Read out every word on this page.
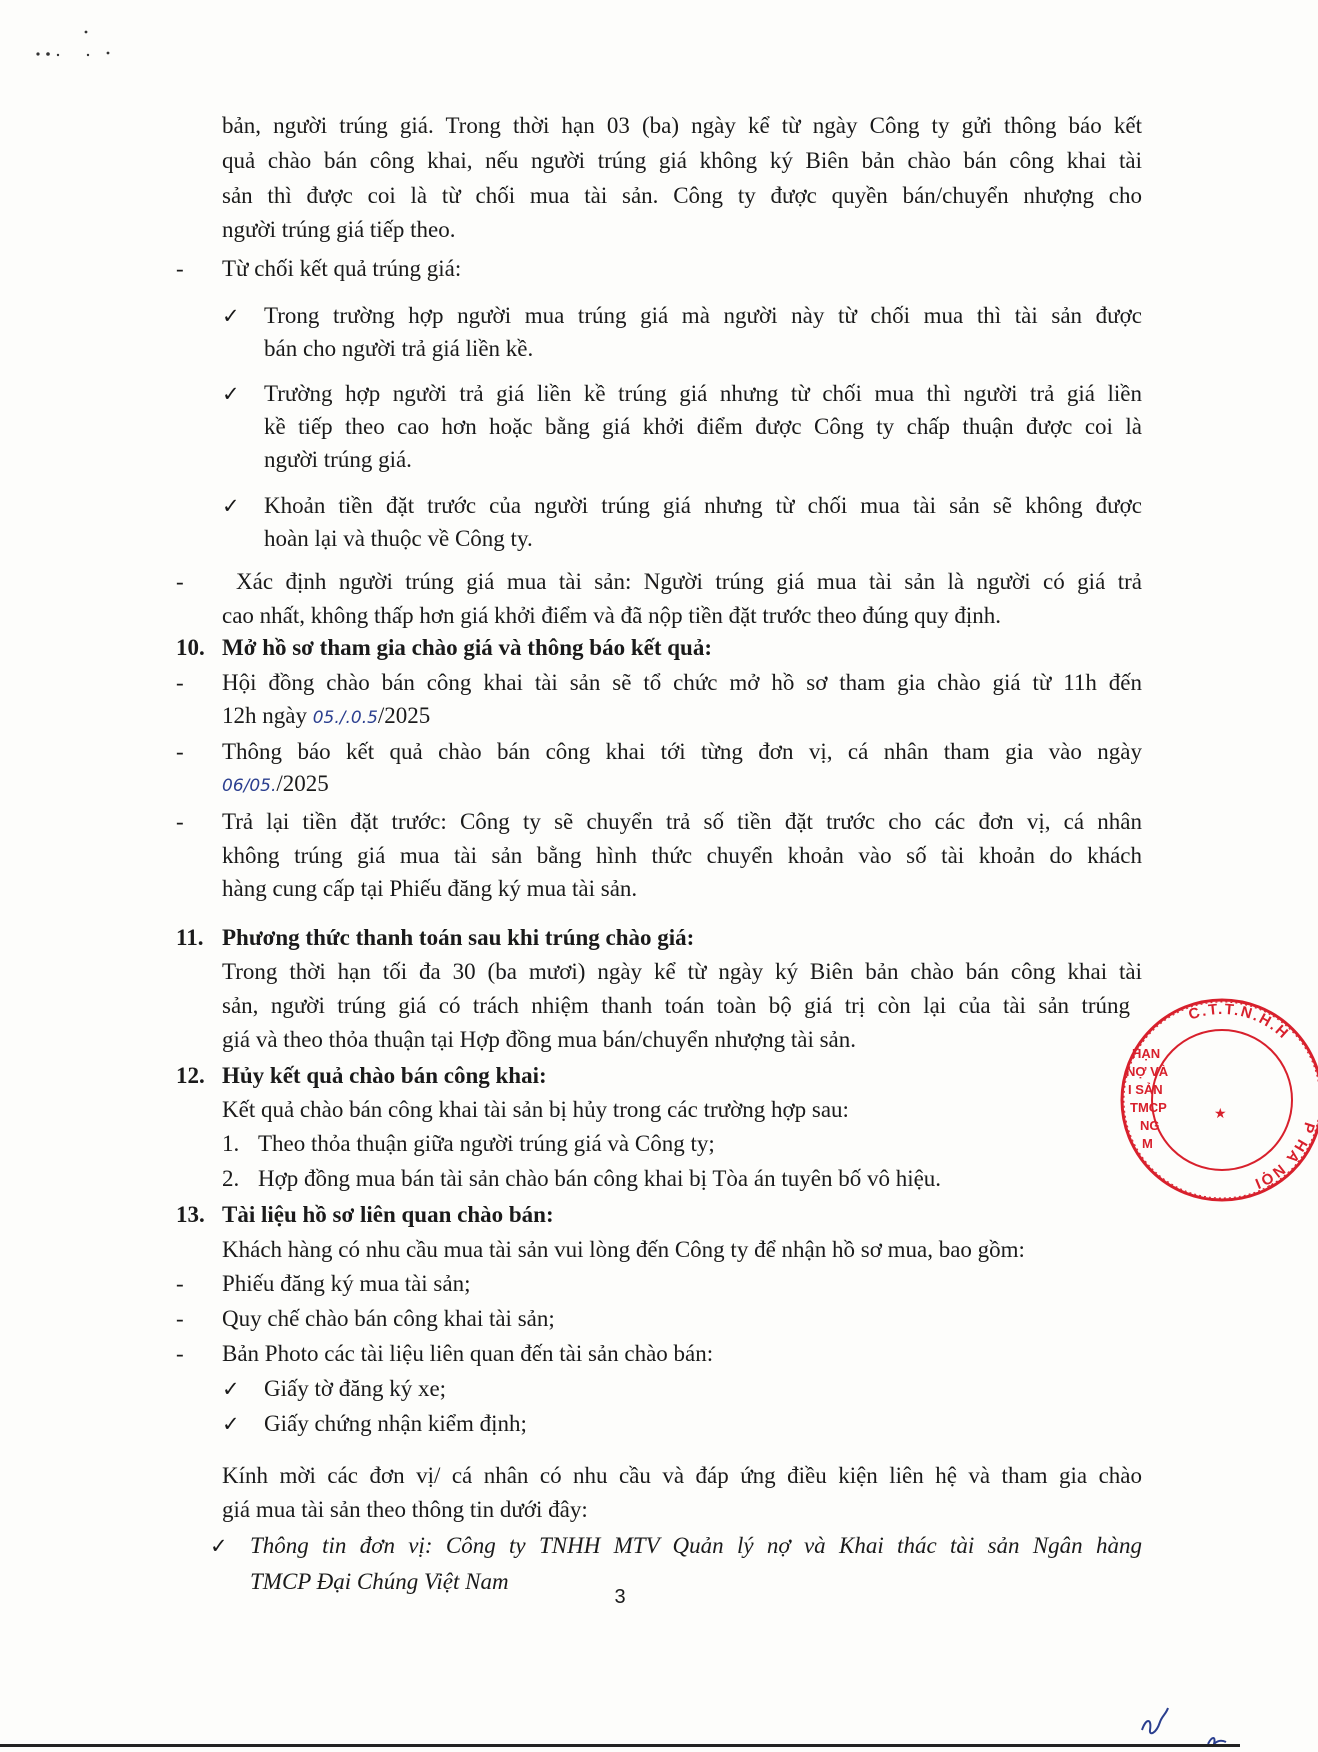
bản, người trúng giá. Trong thời hạn 03 (ba) ngày kể từ ngày Công ty gửi thông báo kết
quả chào bán công khai, nếu người trúng giá không ký Biên bản chào bán công khai tài
sản thì được coi là từ chối mua tài sản. Công ty được quyền bán/chuyển nhượng cho
người trúng giá tiếp theo.
- Từ chối kết quả trúng giá:
✓ Trong trường hợp người mua trúng giá mà người này từ chối mua thì tài sản được
bán cho người trả giá liền kề.
✓ Trường hợp người trả giá liền kề trúng giá nhưng từ chối mua thì người trả giá liền
kề tiếp theo cao hơn hoặc bằng giá khởi điểm được Công ty chấp thuận được coi là
người trúng giá.
✓ Khoản tiền đặt trước của người trúng giá nhưng từ chối mua tài sản sẽ không được
hoàn lại và thuộc về Công ty.
- Xác định người trúng giá mua tài sản: Người trúng giá mua tài sản là người có giá trả
cao nhất, không thấp hơn giá khởi điểm và đã nộp tiền đặt trước theo đúng quy định.
10. Mở hồ sơ tham gia chào giá và thông báo kết quả:
- Hội đồng chào bán công khai tài sản sẽ tổ chức mở hồ sơ tham gia chào giá từ 11h đến
12h ngày 05./.0.5/2025
- Thông báo kết quả chào bán công khai tới từng đơn vị, cá nhân tham gia vào ngày
06/05./2025
- Trả lại tiền đặt trước: Công ty sẽ chuyển trả số tiền đặt trước cho các đơn vị, cá nhân
không trúng giá mua tài sản bằng hình thức chuyển khoản vào số tài khoản do khách
hàng cung cấp tại Phiếu đăng ký mua tài sản.
11. Phương thức thanh toán sau khi trúng chào giá:
Trong thời hạn tối đa 30 (ba mươi) ngày kể từ ngày ký Biên bản chào bán công khai tài
sản, người trúng giá có trách nhiệm thanh toán toàn bộ giá trị còn lại của tài sản trúng
giá và theo thỏa thuận tại Hợp đồng mua bán/chuyển nhượng tài sản.
12. Hủy kết quả chào bán công khai:
Kết quả chào bán công khai tài sản bị hủy trong các trường hợp sau:
1. Theo thỏa thuận giữa người trúng giá và Công ty;
2. Hợp đồng mua bán tài sản chào bán công khai bị Tòa án tuyên bố vô hiệu.
13. Tài liệu hồ sơ liên quan chào bán:
Khách hàng có nhu cầu mua tài sản vui lòng đến Công ty để nhận hồ sơ mua, bao gồm:
- Phiếu đăng ký mua tài sản;
- Quy chế chào bán công khai tài sản;
- Bản Photo các tài liệu liên quan đến tài sản chào bán:
✓ Giấy tờ đăng ký xe;
✓ Giấy chứng nhận kiểm định;
Kính mời các đơn vị/ cá nhân có nhu cầu và đáp ứng điều kiện liên hệ và tham gia chào
giá mua tài sản theo thông tin dưới đây:
✓ Thông tin đơn vị: Công ty TNHH MTV Quản lý nợ và Khai thác tài sản Ngân hàng
TMCP Đại Chúng Việt Nam
3
C.T.T.N.H.H
P HÀ NỘI
★
HẠN
NỢ VÀ
I SẢN
TMCP
NG
M
